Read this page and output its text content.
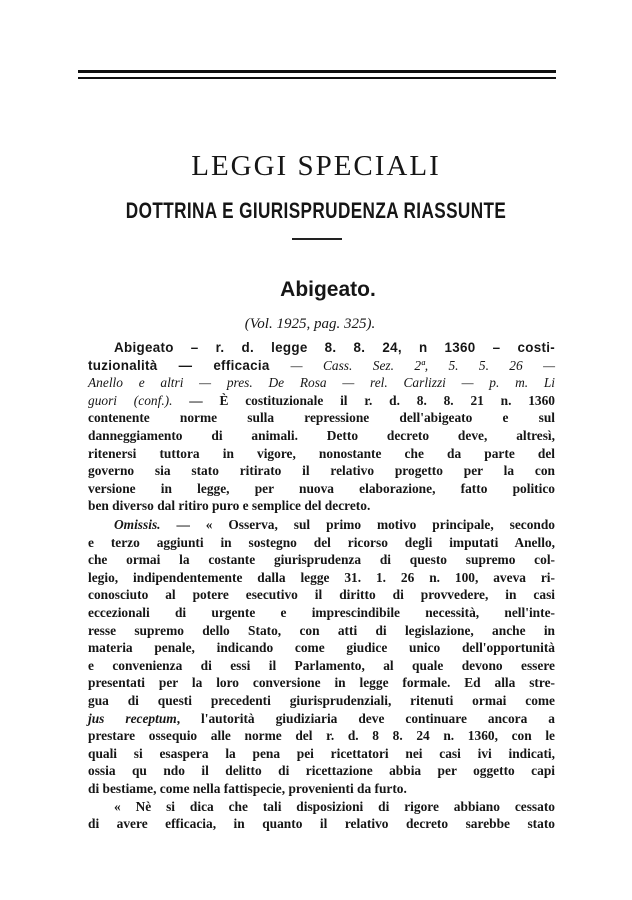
LEGGI SPECIALI
DOTTRINA E GIURISPRUDENZA RIASSUNTE
Abigeato.
(Vol. 1925, pag. 325).
Abigeato – r. d. legge 8. 8. 24, n 1360 – costi-
tuzionalità — efficacia — Cass. Sez. 2ª, 5. 5. 26 —
Anello e altri — pres. De Rosa — rel. Carlizzi — p. m. Li
guori (conf.). — È costituzionale il r. d. 8. 8. 21 n. 1360
contenente norme sulla repressione dell'abigeato e sul
danneggiamento di animali. Detto decreto deve, altresì,
ritenersi tuttora in vigore, nonostante che da parte del
governo sia stato ritirato il relativo progetto per la con
versione in legge, per nuova elaborazione, fatto politico
ben diverso dal ritiro puro e semplice del decreto.
Omissis. — « Osserva, sul primo motivo principale, secondo
e terzo aggiunti in sostegno del ricorso degli imputati Anello,
che ormai la costante giurisprudenza di questo supremo col-
legio, indipendentemente dalla legge 31. 1. 26 n. 100, aveva ri-
conosciuto al potere esecutivo il diritto di provvedere, in casi
eccezionali di urgente e imprescindibile necessità, nell'inte-
resse supremo dello Stato, con atti di legislazione, anche in
materia penale, indicando come giudice unico dell'opportunità
e convenienza di essi il Parlamento, al quale devono essere
presentati per la loro conversione in legge formale. Ed alla stre-
gua di questi precedenti giurisprudenziali, ritenuti ormai come
jus receptum, l'autorità giudiziaria deve continuare ancora a
prestare ossequio alle norme del r. d. 8 8. 24 n. 1360, con le
quali si esaspera la pena pei ricettatori nei casi ivi indicati,
ossia qu ndo il delitto di ricettazione abbia per oggetto capi
di bestiame, come nella fattispecie, provenienti da furto.
« Nè si dica che tali disposizioni di rigore abbiano cessato
di avere efficacia, in quanto il relativo decreto sarebbe stato
